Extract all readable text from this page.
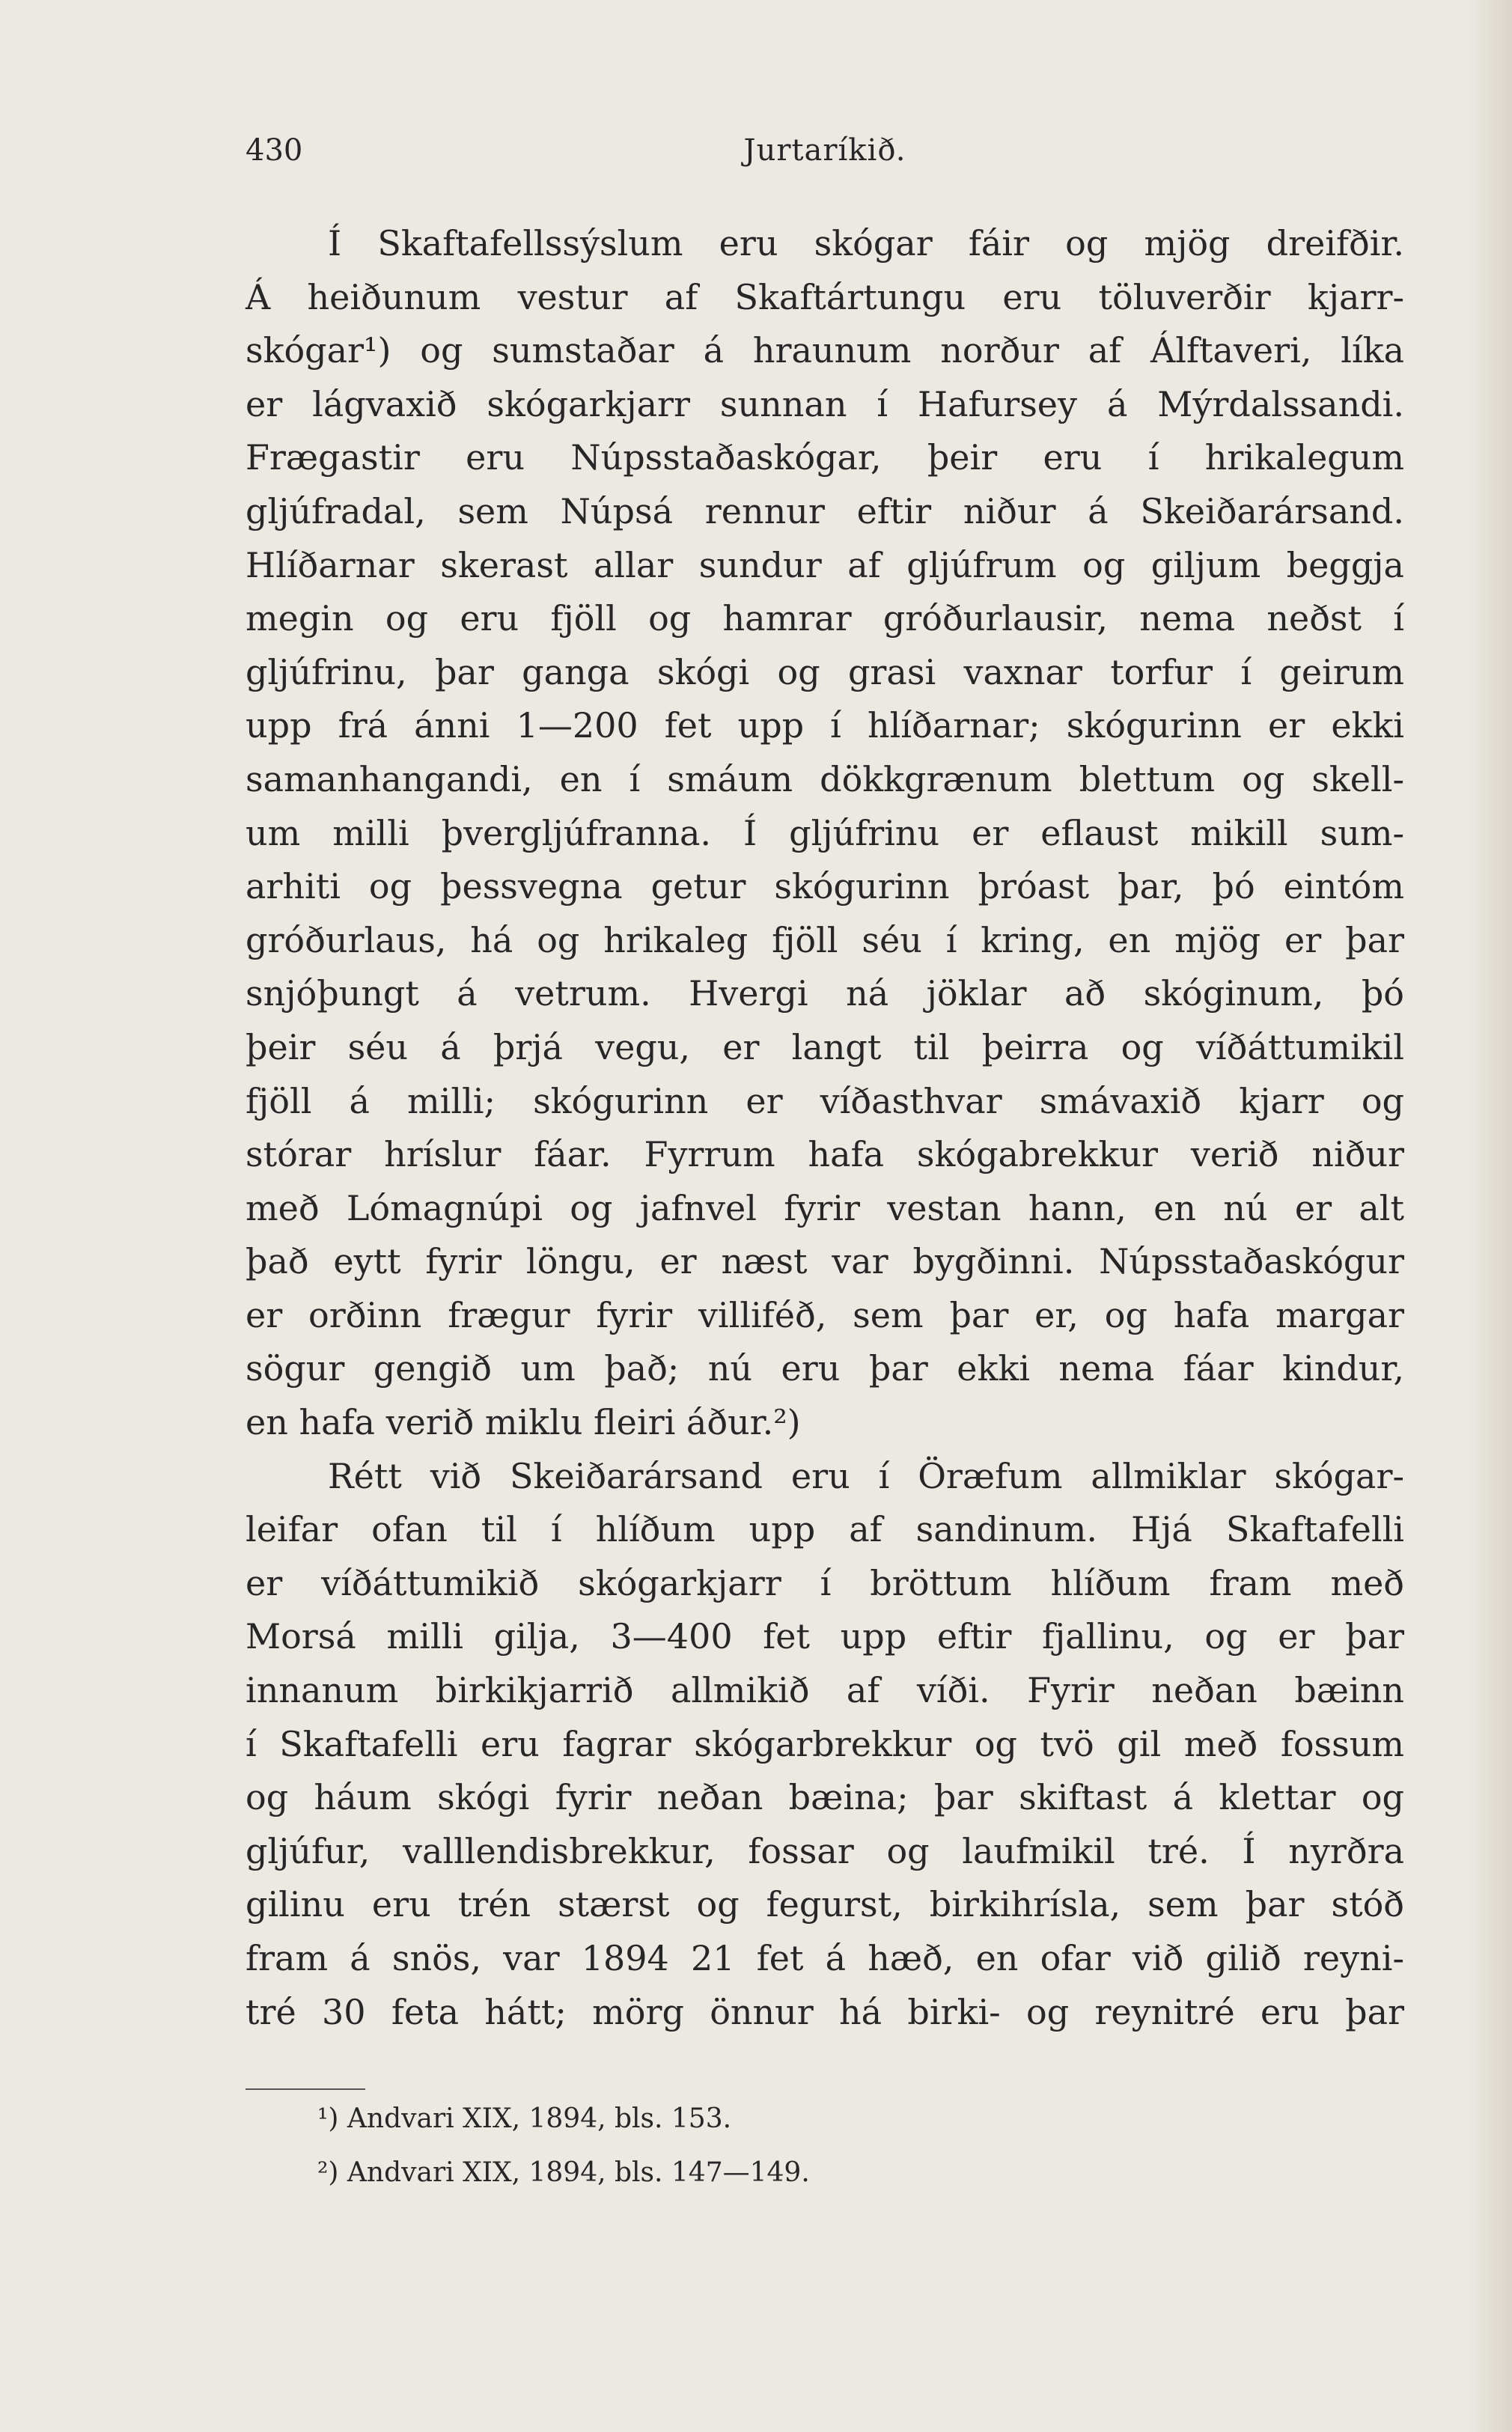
430	Jurtaríkið.
Í Skaftafellssýslum eru skógar fáir og mjög dreifðir.
Á heiðunum vestur af Skaftártungu eru töluverðir kjarr-
skógar¹) og sumstaðar á hraunum norður af Álftaveri, líka
er lágvaxið skógarkjarr sunnan í Hafursey á Mýrdalssandi.
Frægastir eru Núpsstaðaskógar, þeir eru í hrikalegum
gljúfradal, sem Núpsá rennur eftir niður á Skeiðarársand.
Hlíðarnar skerast allar sundur af gljúfrum og giljum beggja
megin og eru fjöll og hamrar gróðurlausir, nema neðst í
gljúfrinu, þar ganga skógi og grasi vaxnar torfur í geirum
upp frá ánni 1—200 fet upp í hlíðarnar; skógurinn er ekki
samanhangandi, en í smáum dökkgrænum blettum og skell-
um milli þvergljúfranna. Í gljúfrinu er eflaust mikill sum-
arhiti og þessvegna getur skógurinn þróast þar, þó eintóm
gróðurlaus, há og hrikaleg fjöll séu í kring, en mjög er þar
snjóþungt á vetrum. Hvergi ná jöklar að skóginum, þó
þeir séu á þrjá vegu, er langt til þeirra og víðáttumikil
fjöll á milli; skógurinn er víðasthvar smávaxið kjarr og
stórar hríslur fáar. Fyrrum hafa skógabrekkur verið niður
með Lómagnúpi og jafnvel fyrir vestan hann, en nú er alt
það eytt fyrir löngu, er næst var bygðinni. Núpsstaðaskógur
er orðinn frægur fyrir villiféð, sem þar er, og hafa margar
sögur gengið um það; nú eru þar ekki nema fáar kindur,
en hafa verið miklu fleiri áður.²)
Rétt við Skeiðarársand eru í Öræfum allmiklar skógar-
leifar ofan til í hlíðum upp af sandinum. Hjá Skaftafelli
er víðáttumikið skógarkjarr í bröttum hlíðum fram með
Morsá milli gilja, 3—400 fet upp eftir fjallinu, og er þar
innanum birkikjarrið allmikið af víði. Fyrir neðan bæinn
í Skaftafelli eru fagrar skógarbrekkur og tvö gil með fossum
og háum skógi fyrir neðan bæina; þar skiftast á klettar og
gljúfur, valllendisbrekkur, fossar og laufmikil tré. Í nyrðra
gilinu eru trén stærst og fegurst, birkihrísla, sem þar stóð
fram á snös, var 1894 21 fet á hæð, en ofar við gilið reyni-
tré 30 feta hátt; mörg önnur há birki- og reynitré eru þar
¹) Andvari XIX, 1894, bls. 153.
²) Andvari XIX, 1894, bls. 147—149.
